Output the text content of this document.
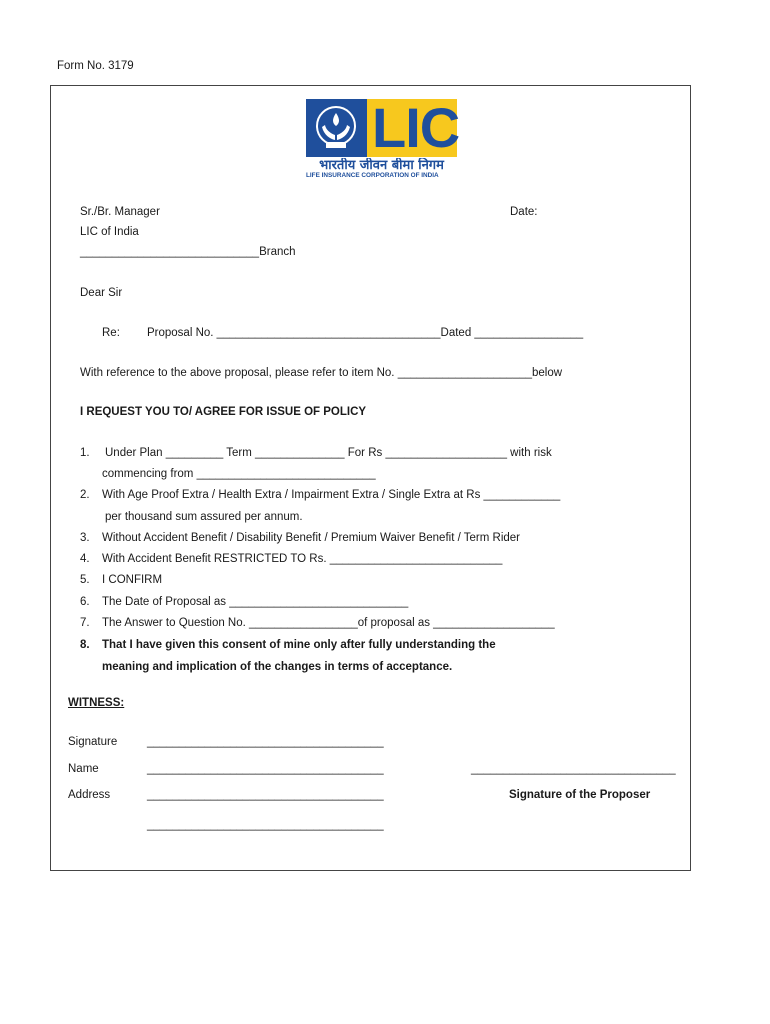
Form No. 3179
LIC
भारतीय जीवन बीमा निगम
LIFE INSURANCE CORPORATION OF INDIA
Sr./Br. Manager	Date:
LIC of India
____________________________Branch
Dear Sir
Re: Proposal No. ___________________________________Dated _________________
With reference to the above proposal, please refer to item No. _____________________below
I REQUEST YOU TO/ AGREE FOR ISSUE OF POLICY
1. Under Plan _________ Term ______________ For Rs ___________________ with risk
commencing from ____________________________
2. With Age Proof Extra / Health Extra / Impairment Extra / Single Extra at Rs ____________
per thousand sum assured per annum.
3. Without Accident Benefit / Disability Benefit / Premium Waiver Benefit / Term Rider
4. With Accident Benefit RESTRICTED TO Rs. ___________________________
5. I CONFIRM
6. The Date of Proposal as ____________________________
7. The Answer to Question No. _________________of proposal as ___________________
8. That I have given this consent of mine only after fully understanding the
meaning and implication of the changes in terms of acceptance.
WITNESS:
Signature	_____________________________________
Name	_____________________________________	________________________________
Address	_____________________________________	Signature of the Proposer
_____________________________________
